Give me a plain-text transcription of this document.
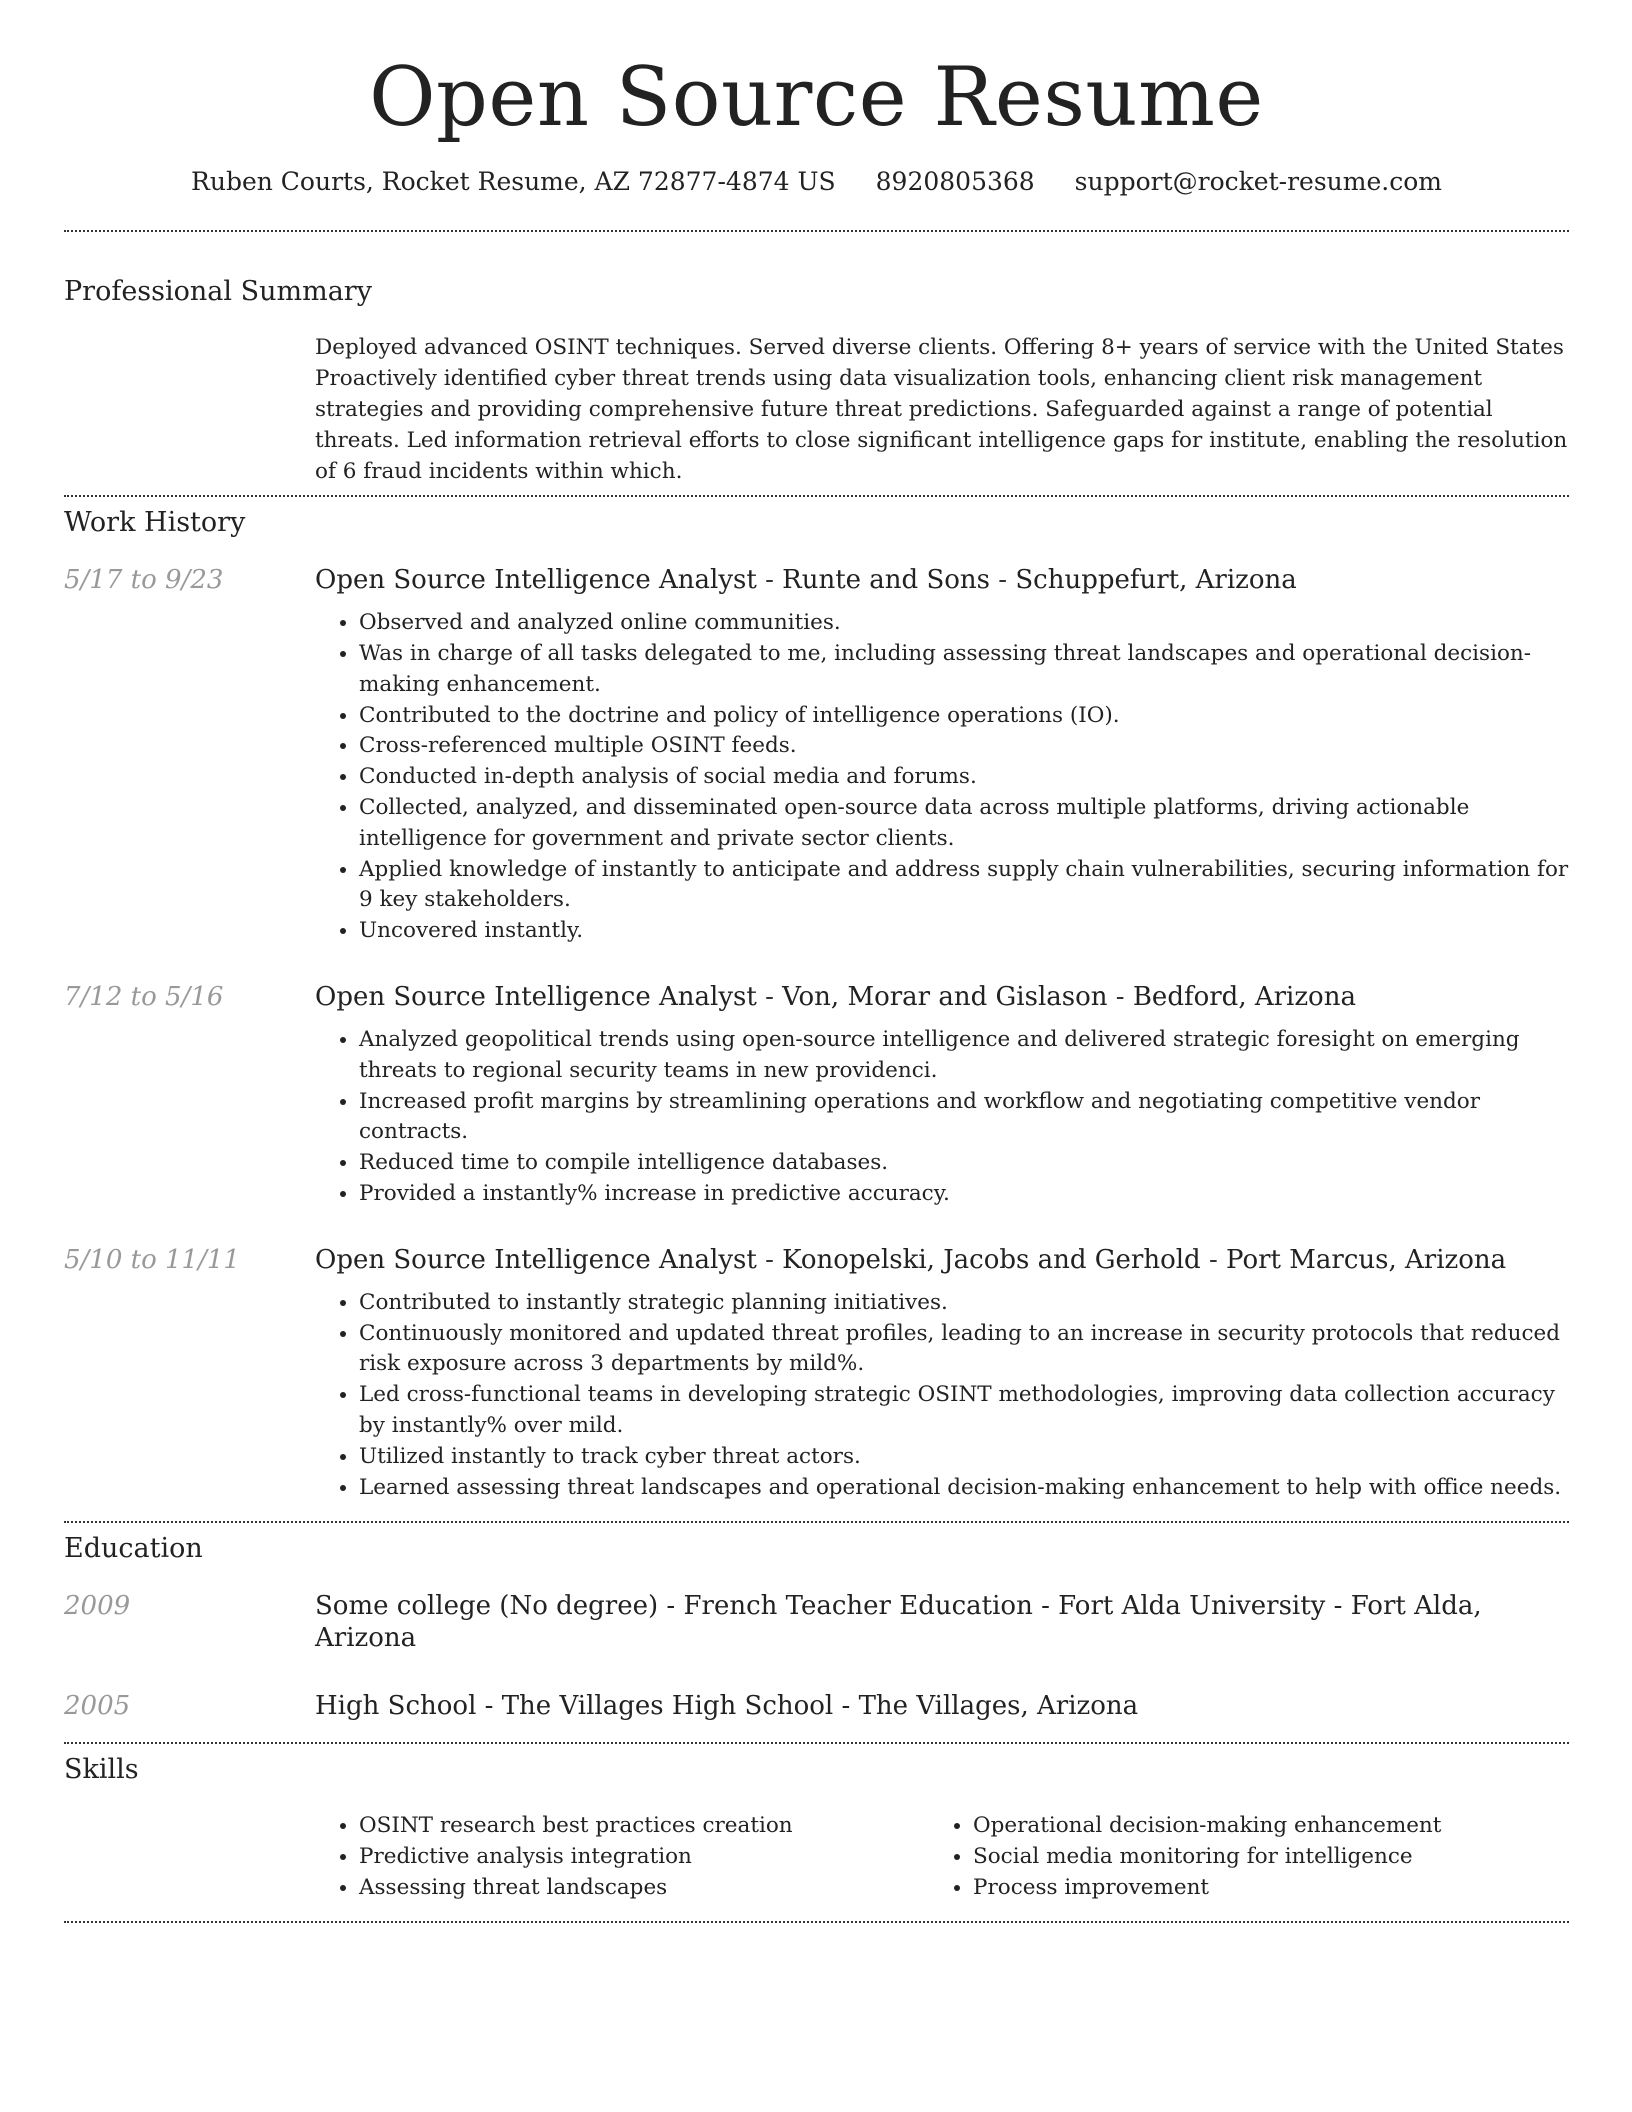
Open Source Resume
Ruben Courts, Rocket Resume, AZ 72877-4874 US 8920805368 support@rocket-resume.com
Professional Summary
Deployed advanced OSINT techniques. Served diverse clients. Offering 8+ years of service with the United States Proactively identified cyber threat trends using data visualization tools, enhancing client risk management strategies and providing comprehensive future threat predictions. Safeguarded against a range of potential threats. Led information retrieval efforts to close significant intelligence gaps for institute, enabling the resolution of 6 fraud incidents within which.
Work History
5/17 to 9/23	Open Source Intelligence Analyst - Runte and Sons - Schuppefurt, Arizona
• Observed and analyzed online communities.
• Was in charge of all tasks delegated to me, including assessing threat landscapes and operational decision-making enhancement.
• Contributed to the doctrine and policy of intelligence operations (IO).
• Cross-referenced multiple OSINT feeds.
• Conducted in-depth analysis of social media and forums.
• Collected, analyzed, and disseminated open-source data across multiple platforms, driving actionable intelligence for government and private sector clients.
• Applied knowledge of instantly to anticipate and address supply chain vulnerabilities, securing information for 9 key stakeholders.
• Uncovered instantly.
7/12 to 5/16	Open Source Intelligence Analyst - Von, Morar and Gislason - Bedford, Arizona
• Analyzed geopolitical trends using open-source intelligence and delivered strategic foresight on emerging threats to regional security teams in new providenci.
• Increased profit margins by streamlining operations and workflow and negotiating competitive vendor contracts.
• Reduced time to compile intelligence databases.
• Provided a instantly% increase in predictive accuracy.
5/10 to 11/11	Open Source Intelligence Analyst - Konopelski, Jacobs and Gerhold - Port Marcus, Arizona
• Contributed to instantly strategic planning initiatives.
• Continuously monitored and updated threat profiles, leading to an increase in security protocols that reduced risk exposure across 3 departments by mild%.
• Led cross-functional teams in developing strategic OSINT methodologies, improving data collection accuracy by instantly% over mild.
• Utilized instantly to track cyber threat actors.
• Learned assessing threat landscapes and operational decision-making enhancement to help with office needs.
Education
2009	Some college (No degree) - French Teacher Education - Fort Alda University - Fort Alda, Arizona
2005	High School - The Villages High School - The Villages, Arizona
Skills
• OSINT research best practices creation
• Predictive analysis integration
• Assessing threat landscapes
• Operational decision-making enhancement
• Social media monitoring for intelligence
• Process improvement
